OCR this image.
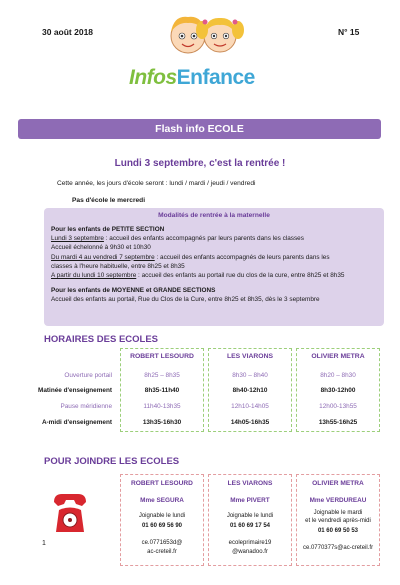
30 août 2018	N° 15
InfosEnfance
Flash info ECOLE
Lundi 3 septembre, c'est la rentrée !
Cette année, les jours d'école seront : lundi / mardi / jeudi / vendredi
Pas d'école le mercredi
Modalités de rentrée à la maternelle

Pour les enfants de PETITE SECTION

Lundi 3 septembre : accueil des enfants accompagnés par leurs parents dans les classes

Accueil échelonné à 9h30 et 10h30

Du mardi 4 au vendredi 7 septembre : accueil des enfants accompagnés de leurs parents dans les

classes à l'heure habituelle, entre 8h25 et 8h35

A partir du lundi 10 septembre : accueil des enfants au portail rue du clos de la cure, entre 8h25 et 8h35

Pour les enfants de MOYENNE et GRANDE SECTIONS

Accueil des enfants au portail, Rue du Clos de la Cure, entre 8h25 et 8h35, dès le 3 septembre

HORAIRES DES ECOLES
Ouverture portail
Matinée d'enseignement
Pause méridienne
A-midi d'enseignement
ROBERT LESOURD
8h25 – 8h35
8h35-11h40
11h40-13h35
13h35-16h30
LES VIARONS
8h30 – 8h40
8h40-12h10
12h10-14h05
14h05-16h35
OLIVIER METRA
8h20 – 8h30
8h30-12h00
12h00-13h55
13h55-16h25
POUR JOINDRE LES ECOLES
1
ROBERT LESOURD
Mme SEGURA
Joignable le lundi
01 60 69 56 90
ce.0771653d@
ac-creteil.fr
LES VIARONS
Mme PIVERT
Joignable le lundi
01 60 69 17 54
ecoleprimaire19
@wanadoo.fr
OLIVIER METRA
Mme VERDUREAU
Joignable le mardi
et le vendredi après-midi
01 60 69 50 53
ce.0770377s@ac-creteil.fr
